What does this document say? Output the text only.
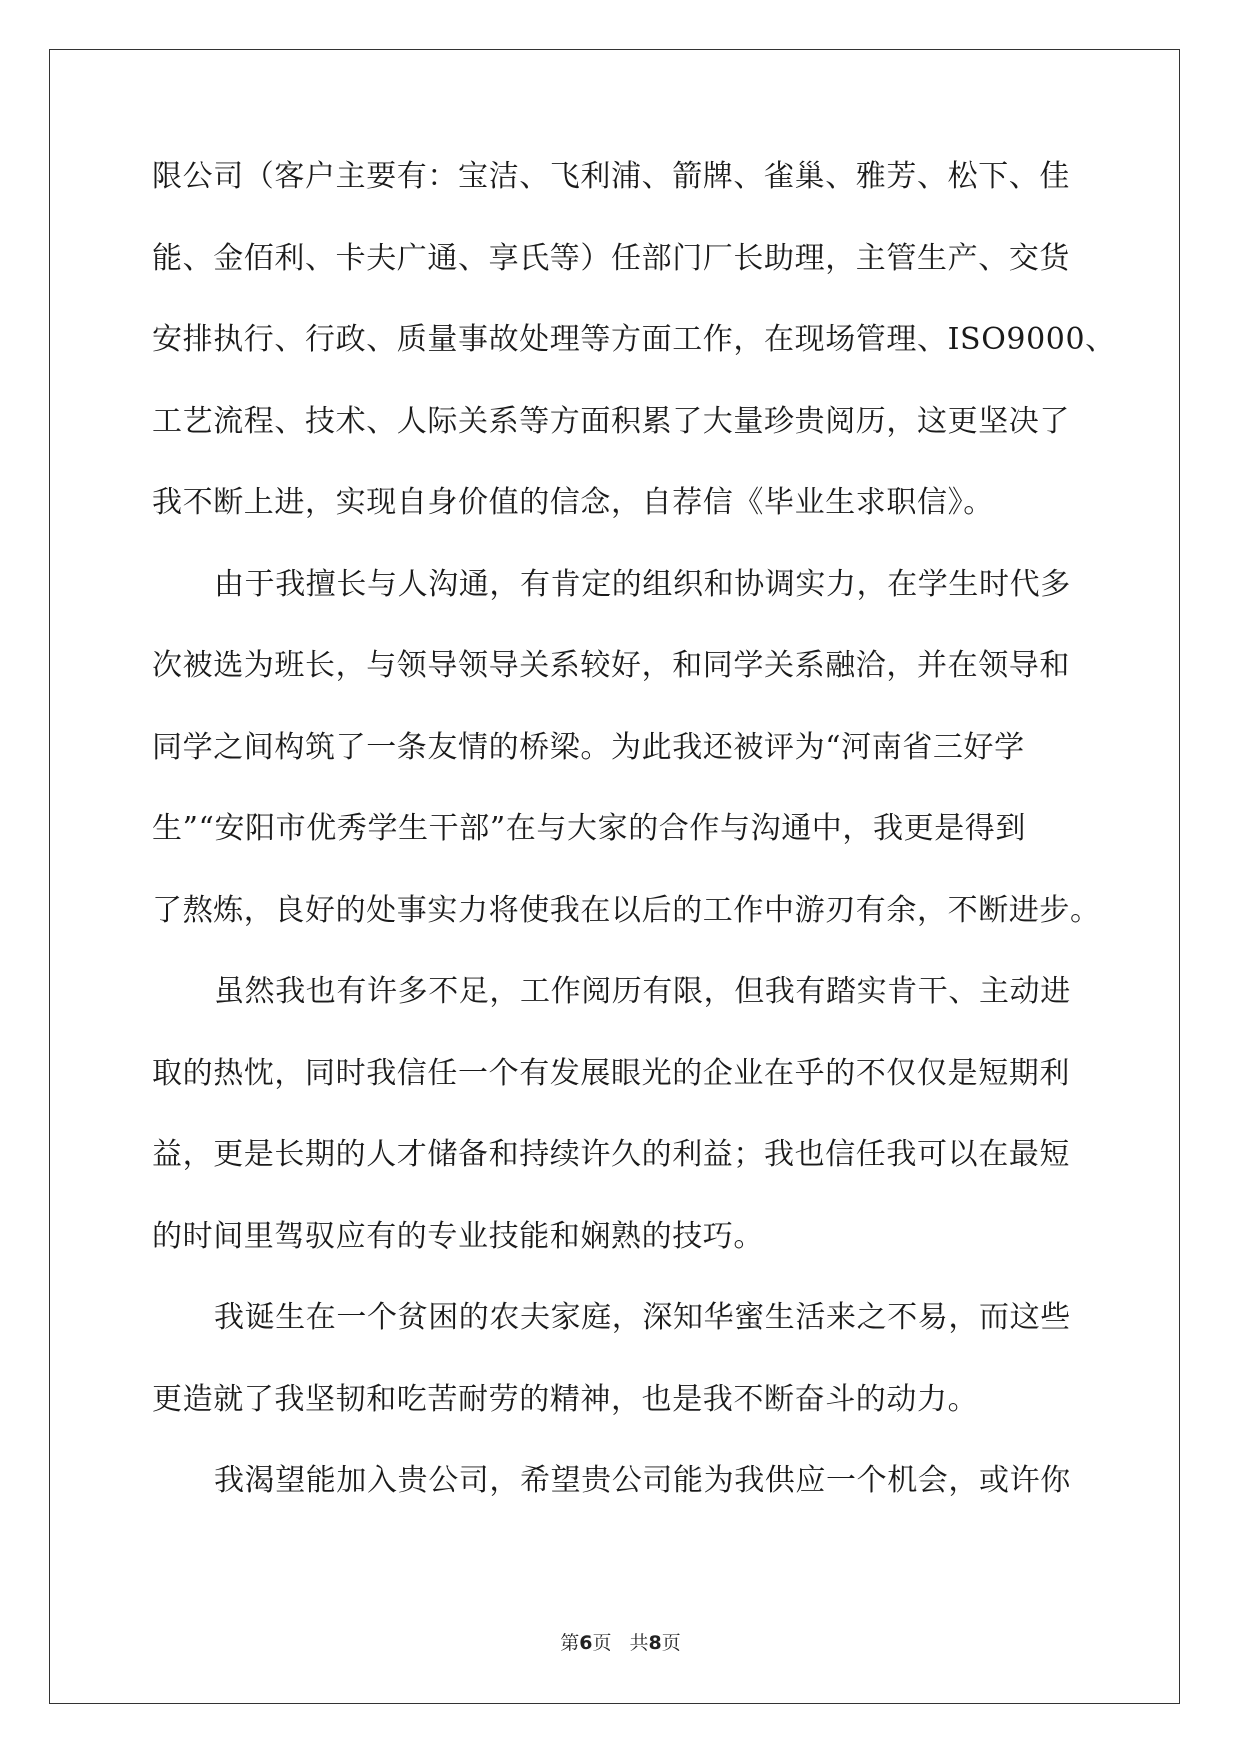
限公司（客户主要有：宝洁、飞利浦、箭牌、雀巢、雅芳、松下、佳
能、金佰利、卡夫广通、享氏等）任部门厂长助理，主管生产、交货
安排执行、行政、质量事故处理等方面工作，在现场管理、ISO9000、
工艺流程、技术、人际关系等方面积累了大量珍贵阅历，这更坚决了
我不断上进，实现自身价值的信念，自荐信《毕业生求职信》。
由于我擅长与人沟通，有肯定的组织和协调实力，在学生时代多
次被选为班长，与领导领导关系较好，和同学关系融洽，并在领导和
同学之间构筑了一条友情的桥梁。为此我还被评为“河南省三好学
生”“安阳市优秀学生干部”在与大家的合作与沟通中，我更是得到
了熬炼，良好的处事实力将使我在以后的工作中游刃有余，不断进步。
虽然我也有许多不足，工作阅历有限，但我有踏实肯干、主动进
取的热忱，同时我信任一个有发展眼光的企业在乎的不仅仅是短期利
益，更是长期的人才储备和持续许久的利益；我也信任我可以在最短
的时间里驾驭应有的专业技能和娴熟的技巧。
我诞生在一个贫困的农夫家庭，深知华蜜生活来之不易，而这些
更造就了我坚韧和吃苦耐劳的精神，也是我不断奋斗的动力。
我渴望能加入贵公司，希望贵公司能为我供应一个机会，或许你
第6页 共8页
